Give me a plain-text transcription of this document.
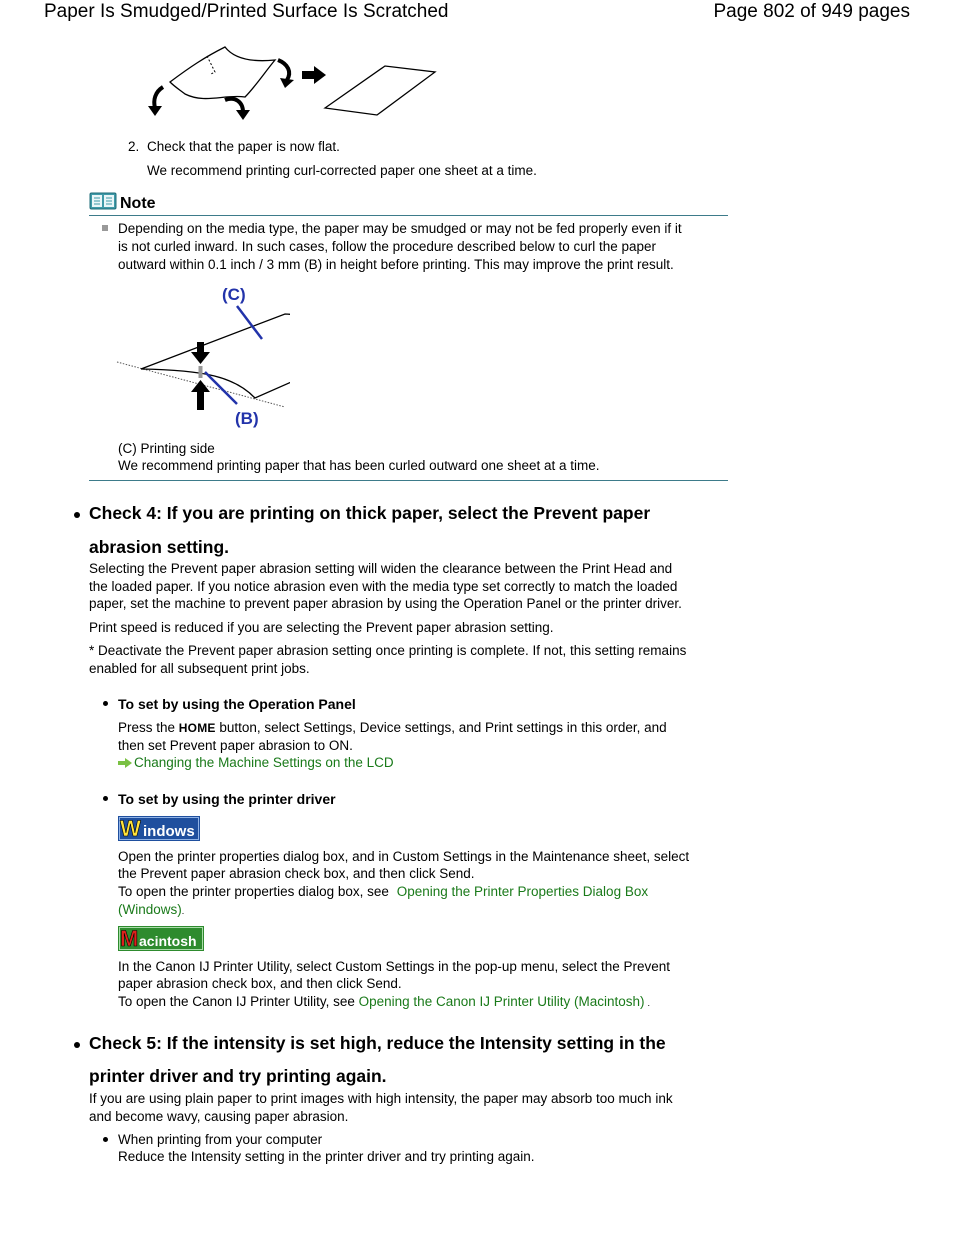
Paper Is Smudged/Printed Surface Is Scratched	Page 802 of 949 pages
2. Check that the paper is now flat.
We recommend printing curl-corrected paper one sheet at a time.
Note
Depending on the media type, the paper may be smudged or may not be fed properly even if it
is not curled inward. In such cases, follow the procedure described below to curl the paper
outward within 0.1 inch / 3 mm (B) in height before printing. This may improve the print result.
(C)
(B)
(C) Printing side
We recommend printing paper that has been curled outward one sheet at a time.
Check 4: If you are printing on thick paper, select the Prevent paper
abrasion setting.
Selecting the Prevent paper abrasion setting will widen the clearance between the Print Head and
the loaded paper. If you notice abrasion even with the media type set correctly to match the loaded
paper, set the machine to prevent paper abrasion by using the Operation Panel or the printer driver.
Print speed is reduced if you are selecting the Prevent paper abrasion setting.
* Deactivate the Prevent paper abrasion setting once printing is complete. If not, this setting remains
enabled for all subsequent print jobs.
To set by using the Operation Panel
Press the HOME button, select Settings, Device settings, and Print settings in this order, and
then set Prevent paper abrasion to ON.
Changing the Machine Settings on the LCD
To set by using the printer driver
W indows
Open the printer properties dialog box, and in Custom Settings in the Maintenance sheet, select
the Prevent paper abrasion check box, and then click Send.
To open the printer properties dialog box, see Opening the Printer Properties Dialog Box
(Windows).
M acintosh
In the Canon IJ Printer Utility, select Custom Settings in the pop-up menu, select the Prevent
paper abrasion check box, and then click Send.
To open the Canon IJ Printer Utility, see Opening the Canon IJ Printer Utility (Macintosh) .
Check 5: If the intensity is set high, reduce the Intensity setting in the
printer driver and try printing again.
If you are using plain paper to print images with high intensity, the paper may absorb too much ink
and become wavy, causing paper abrasion.
When printing from your computer
Reduce the Intensity setting in the printer driver and try printing again.
